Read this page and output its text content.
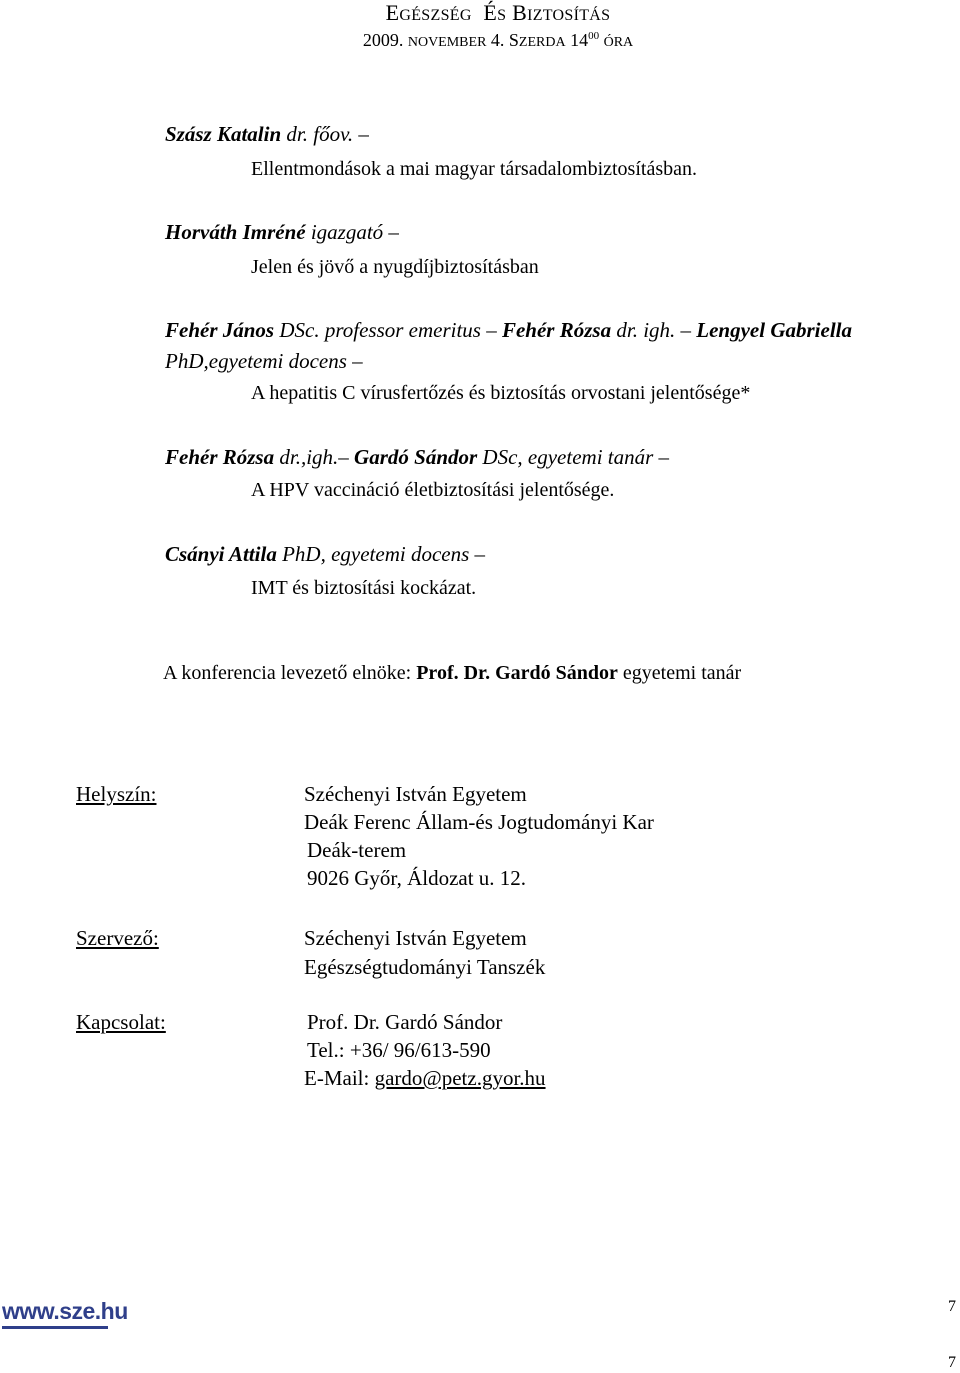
EGÉSZSÉG ÉS BIZTOSÍTÁS
2009. NOVEMBER 4. SZERDA $14^{00}$ ÓRA
Szász Katalin dr. főov. –
Ellentmondások a mai magyar társadalombiztosításban.
Horváth Imréné igazgató –
Jelen és jövő a nyugdíjbiztosításban
Fehér János DSc. professor emeritus – Fehér Rózsa dr. igh. – Lengyel Gabriella
PhD,egyetemi docens –
A hepatitis C vírusfertőzés és biztosítás orvostani jelentősége*
Fehér Rózsa dr.,igh.– Gardó Sándor DSc, egyetemi tanár –
A HPV vaccináció életbiztosítási jelentősége.
Csányi Attila PhD, egyetemi docens –
IMT és biztosítási kockázat.
A konferencia levezető elnöke: Prof. Dr. Gardó Sándor egyetemi tanár
Helyszín:	Széchenyi István Egyetem
Deák Ferenc Állam-és Jogtudományi Kar
Deák-terem
9026 Győr, Áldozat u. 12.
Szervező:	Széchenyi István Egyetem
Egészségtudományi Tanszék
Kapcsolat:	Prof. Dr. Gardó Sándor
Tel.: +36/ 96/613-590
E-Mail: gardo@petz.gyor.hu
www.sze.hu	7
7
